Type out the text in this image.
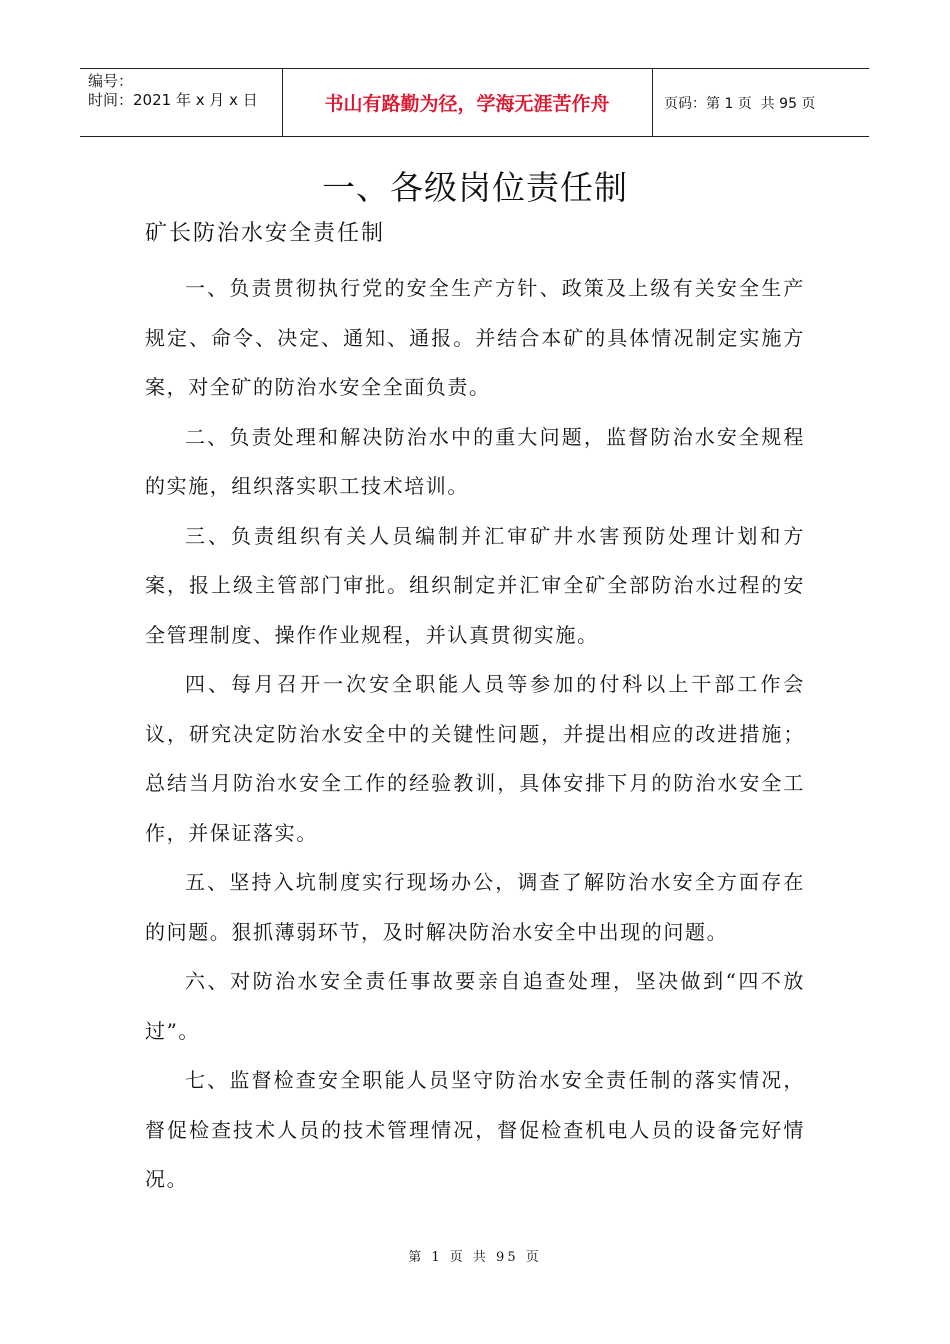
编号：
时间：2021 年 x 月 x 日	书山有路勤为径，学海无涯苦作舟	页码：第 1 页  共 95 页
一、各级岗位责任制
矿长防治水安全责任制

一、负责贯彻执行党的安全生产方针、政策及上级有关安全生产规定、命令、决定、通知、通报。并结合本矿的具体情况制定实施方案，对全矿的防治水安全全面负责。

二、负责处理和解决防治水中的重大问题，监督防治水安全规程的实施，组织落实职工技术培训。

三、负责组织有关人员编制并汇审矿井水害预防处理计划和方案，报上级主管部门审批。组织制定并汇审全矿全部防治水过程的安全管理制度、操作作业规程，并认真贯彻实施。

四、每月召开一次安全职能人员等参加的付科以上干部工作会议，研究决定防治水安全中的关键性问题，并提出相应的改进措施；总结当月防治水安全工作的经验教训，具体安排下月的防治水安全工作，并保证落实。

五、坚持入坑制度实行现场办公，调查了解防治水安全方面存在的问题。狠抓薄弱环节，及时解决防治水安全中出现的问题。

六、对防治水安全责任事故要亲自追查处理，坚决做到“四不放过”。

七、监督检查安全职能人员坚守防治水安全责任制的落实情况，督促检查技术人员的技术管理情况，督促检查机电人员的设备完好情况。

第 1 页 共 95 页
